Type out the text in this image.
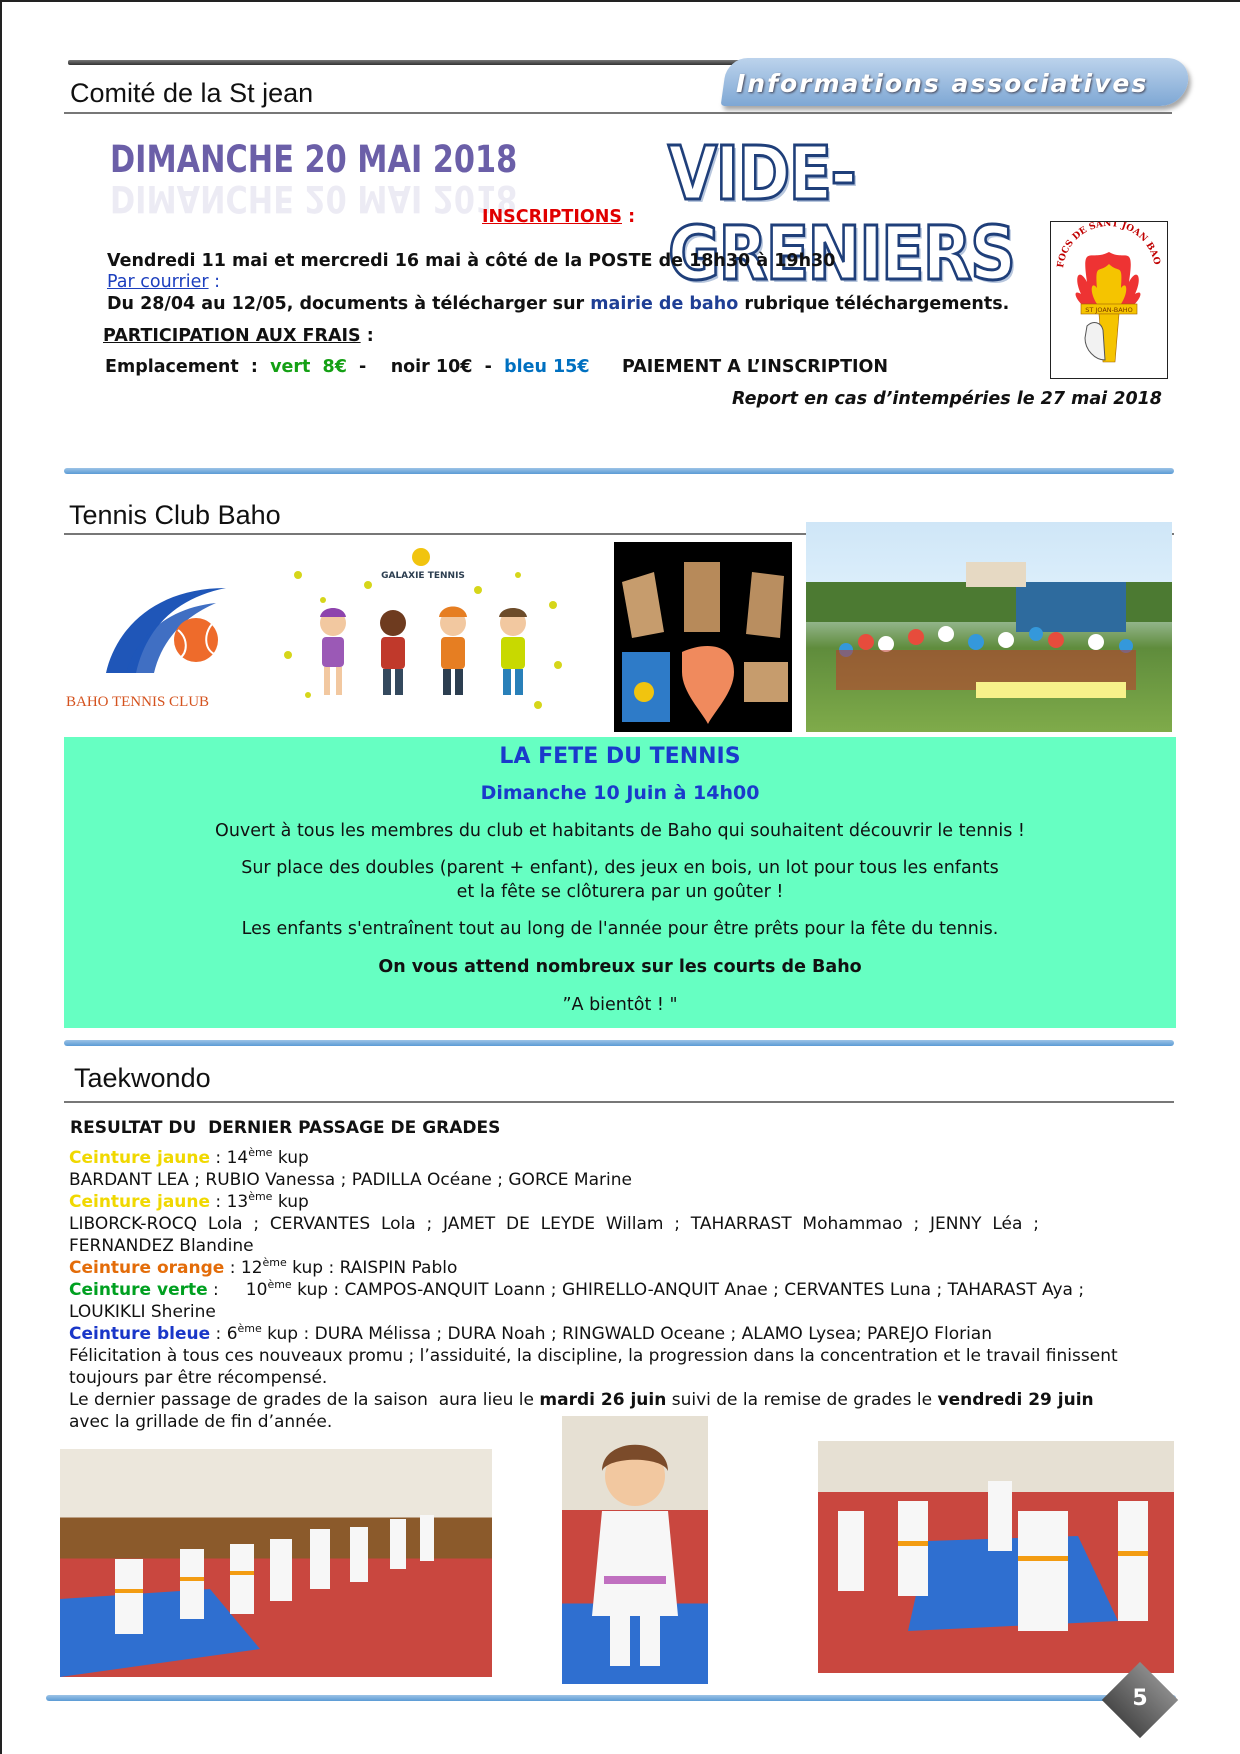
Informations associatives
Comité de la St jean
DIMANCHE 20 MAI 2018
DIMANCHE 20 MAI 2018 VIDE-GRENIERS
INSCRIPTIONS :
Vendredi 11 mai et mercredi 16 mai à côté de la POSTE de 18h30 à 19h30
Par courrier :
Du 28/04 au 12/05, documents à télécharger sur mairie de baho rubrique téléchargements.
PARTICIPATION AUX FRAIS :
Emplacement  :  vert  8€  -    noir 10€  -  bleu 15€ PAIEMENT A L’INSCRIPTION
Report en cas d’intempéries le 27 mai 2018
FOCS DE SANT JOAN BAO
ST JOAN-BAHO
Tennis Club Baho
BAHO TENNIS CLUB
GALAXIE TENNIS
LA FETE DU TENNIS
Dimanche 10 Juin à 14h00
Ouvert à tous les membres du club et habitants de Baho qui souhaitent découvrir le tennis !
Sur place des doubles (parent + enfant), des jeux en bois, un lot pour tous les enfants
et la fête se clôturera par un goûter !
Les enfants s'entraînent tout au long de l'année pour être prêts pour la fête du tennis.
On vous attend nombreux sur les courts de Baho
”A bientôt ! "
Taekwondo
RESULTAT DU  DERNIER PASSAGE DE GRADES
Ceinture jaune : 14ème kup
BARDANT LEA ; RUBIO Vanessa ; PADILLA Océane ; GORCE Marine
Ceinture jaune : 13ème kup
LIBORCK-ROCQ  Lola  ;  CERVANTES  Lola  ;  JAMET  DE  LEYDE  Willam  ;  TAHARRAST  Mohammao  ;  JENNY  Léa  ;
FERNANDEZ Blandine
Ceinture orange : 12ème kup : RAISPIN Pablo
Ceinture verte :     10ème kup : CAMPOS-ANQUIT Loann ; GHIRELLO-ANQUIT Anae ; CERVANTES Luna ; TAHARAST Aya ;
LOUKIKLI Sherine
Ceinture bleue : 6ème kup : DURA Mélissa ; DURA Noah ; RINGWALD Oceane ; ALAMO Lysea; PAREJO Florian
Félicitation à tous ces nouveaux promu ; l’assiduité, la discipline, la progression dans la concentration et le travail finissent
toujours par être récompensé.
Le dernier passage de grades de la saison  aura lieu le mardi 26 juin suivi de la remise de grades le vendredi 29 juin
avec la grillade de fin d’année.
5
